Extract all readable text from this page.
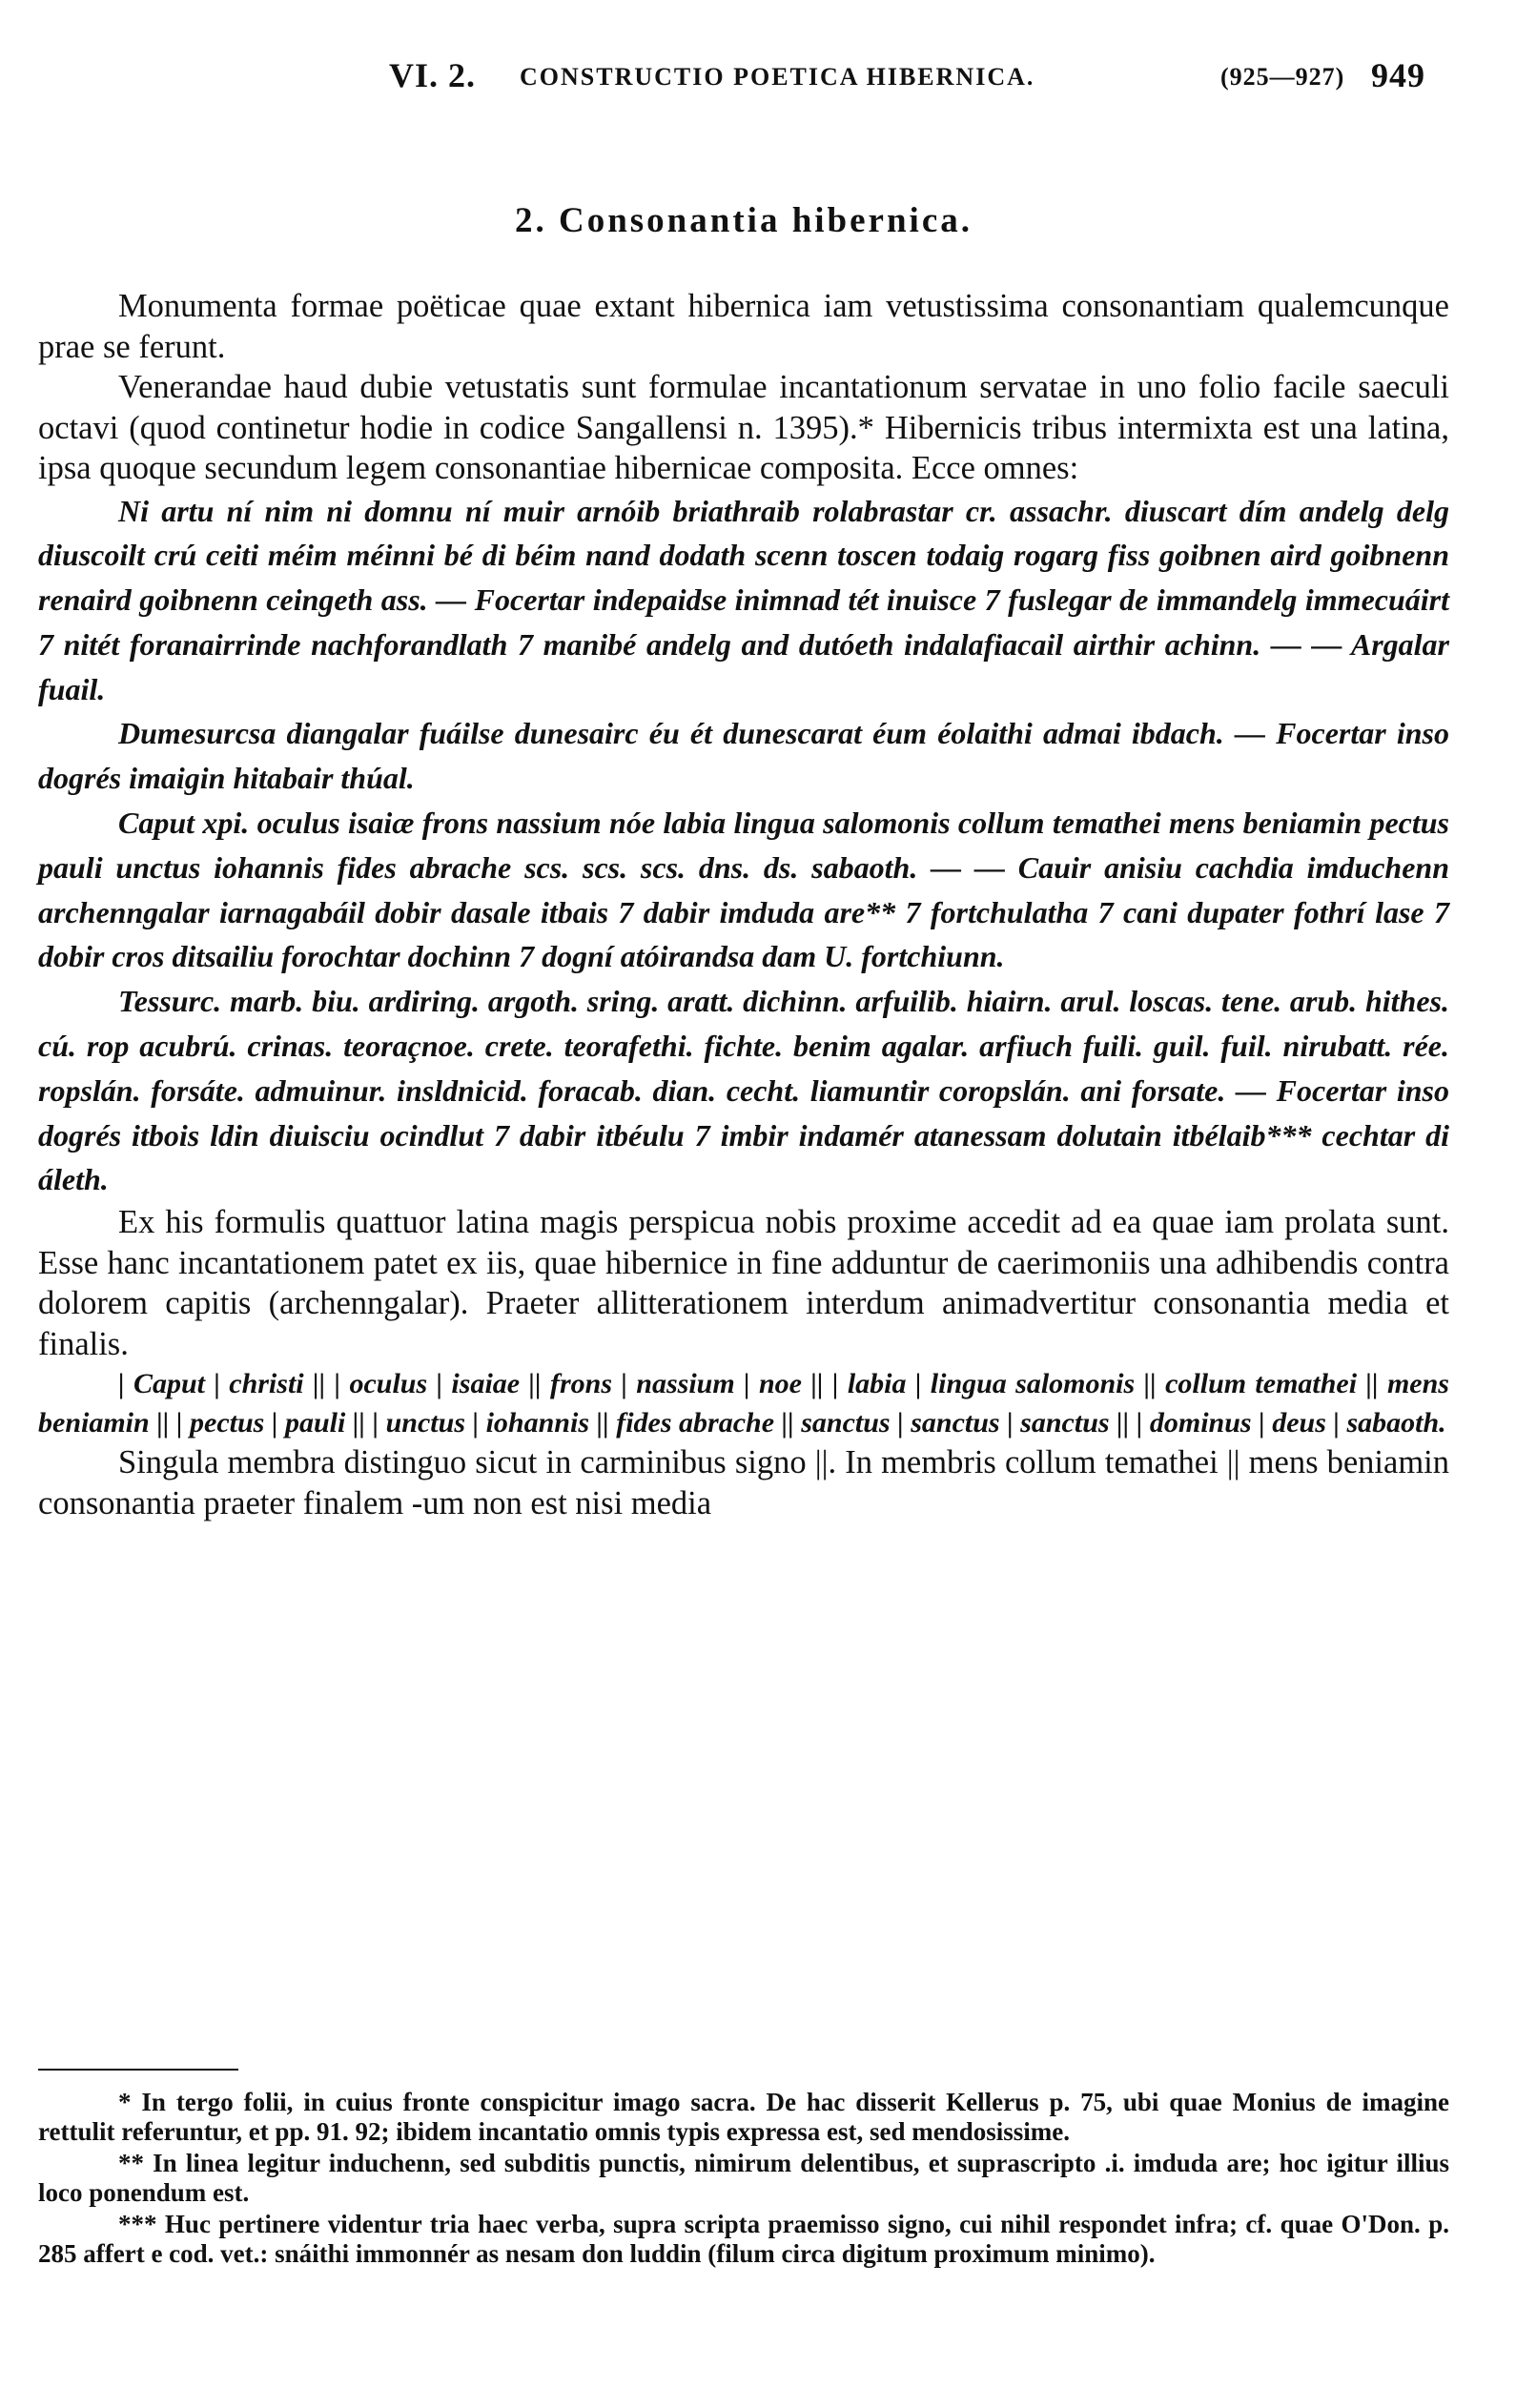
VI. 2. CONSTRUCTIO POETICA HIBERNICA.	(925—927) 949
2. Consonantia hibernica.

Monumenta formae poëticae quae extant hibernica iam vetustissima consonantiam qualemcunque prae se ferunt.

Venerandae haud dubie vetustatis sunt formulae incantationum servatae in uno folio facile saeculi octavi (quod continetur hodie in codice Sangallensi n. 1395).* Hibernicis tribus intermixta est una latina, ipsa quoque secundum legem consonantiae hibernicae composita. Ecce omnes:

Ni artu ní nim ni domnu ní muir arnóib briathraib rolabrastar cr. assachr. diuscart dím andelg delg diuscoilt crú ceiti méim méinni bé di béim nand dodath scenn toscen todaig rogarg fiss goibnen aird goibnenn renaird goibnenn ceingeth ass. — Focertar indepaidse inimnad tét inuisce 7 fuslegar de immandelg immecuáirt 7 nitét foranairrinde nachforandlath 7 manibé andelg and dutóeth indalafiacail airthir achinn. — — Argalar fuail.

Dumesurcsa diangalar fuáilse dunesairc éu ét dunescarat éum éolaithi admai ibdach. — Focertar inso dogrés imaigin hitabair thúal.

Caput xpi. oculus isaiæ frons nassium nóe labia lingua salomonis collum temathei mens beniamin pectus pauli unctus iohannis fides abrache scs. scs. scs. dns. ds. sabaoth. — — Cauir anisiu cachdia imduchenn archenngalar iarnagabáil dobir dasale itbais 7 dabir imduda are** 7 fortchulatha 7 cani dupater fothrí lase 7 dobir cros ditsailiu forochtar dochinn 7 dogní atóirandsa dam U. fortchiunn.

Tessurc. marb. biu. ardiring. argoth. sring. aratt. dichinn. arfuilib. hiairn. arul. loscas. tene. arub. hithes. cú. rop acubrú. crinas. teoraçnoe. crete. teorafethi. fichte. benim agalar. arfiuch fuili. guil. fuil. nirubatt. rée. ropslán. forsáte. admuinur. insldnicid. foracab. dian. cecht. liamuntir coropslán. ani forsate. — Focertar inso dogrés itbois ldin diuisciu ocindlut 7 dabir itbéulu 7 imbir indamér atanessam dolutain itbélaib*** cechtar di áleth.

Ex his formulis quattuor latina magis perspicua nobis proxime accedit ad ea quae iam prolata sunt. Esse hanc incantationem patet ex iis, quae hibernice in fine adduntur de caerimoniis una adhibendis contra dolorem capitis (archenngalar). Praeter allitterationem interdum animadvertitur consonantia media et finalis.

| Caput | christi || | oculus | isaiae || frons | nassium | noe || | labia | lingua salomonis || collum temathei || mens beniamin || | pectus | pauli || | unctus | iohannis || fides abrache || sanctus | sanctus | sanctus || | dominus | deus | sabaoth.

Singula membra distinguo sicut in carminibus signo ||. In membris collum temathei || mens beniamin consonantia praeter finalem -um non est nisi media

* In tergo folii, in cuius fronte conspicitur imago sacra. De hac disserit Kellerus p. 75, ubi quae Monius de imagine rettulit referuntur, et pp. 91. 92; ibidem incantatio omnis typis expressa est, sed mendosissime.

** In linea legitur induchenn, sed subditis punctis, nimirum delentibus, et suprascripto .i. imduda are; hoc igitur illius loco ponendum est.

*** Huc pertinere videntur tria haec verba, supra scripta praemisso signo, cui nihil respondet infra; cf. quae O'Don. p. 285 affert e cod. vet.: snáithi immonnér as nesam don luddin (filum circa digitum proximum minimo).
